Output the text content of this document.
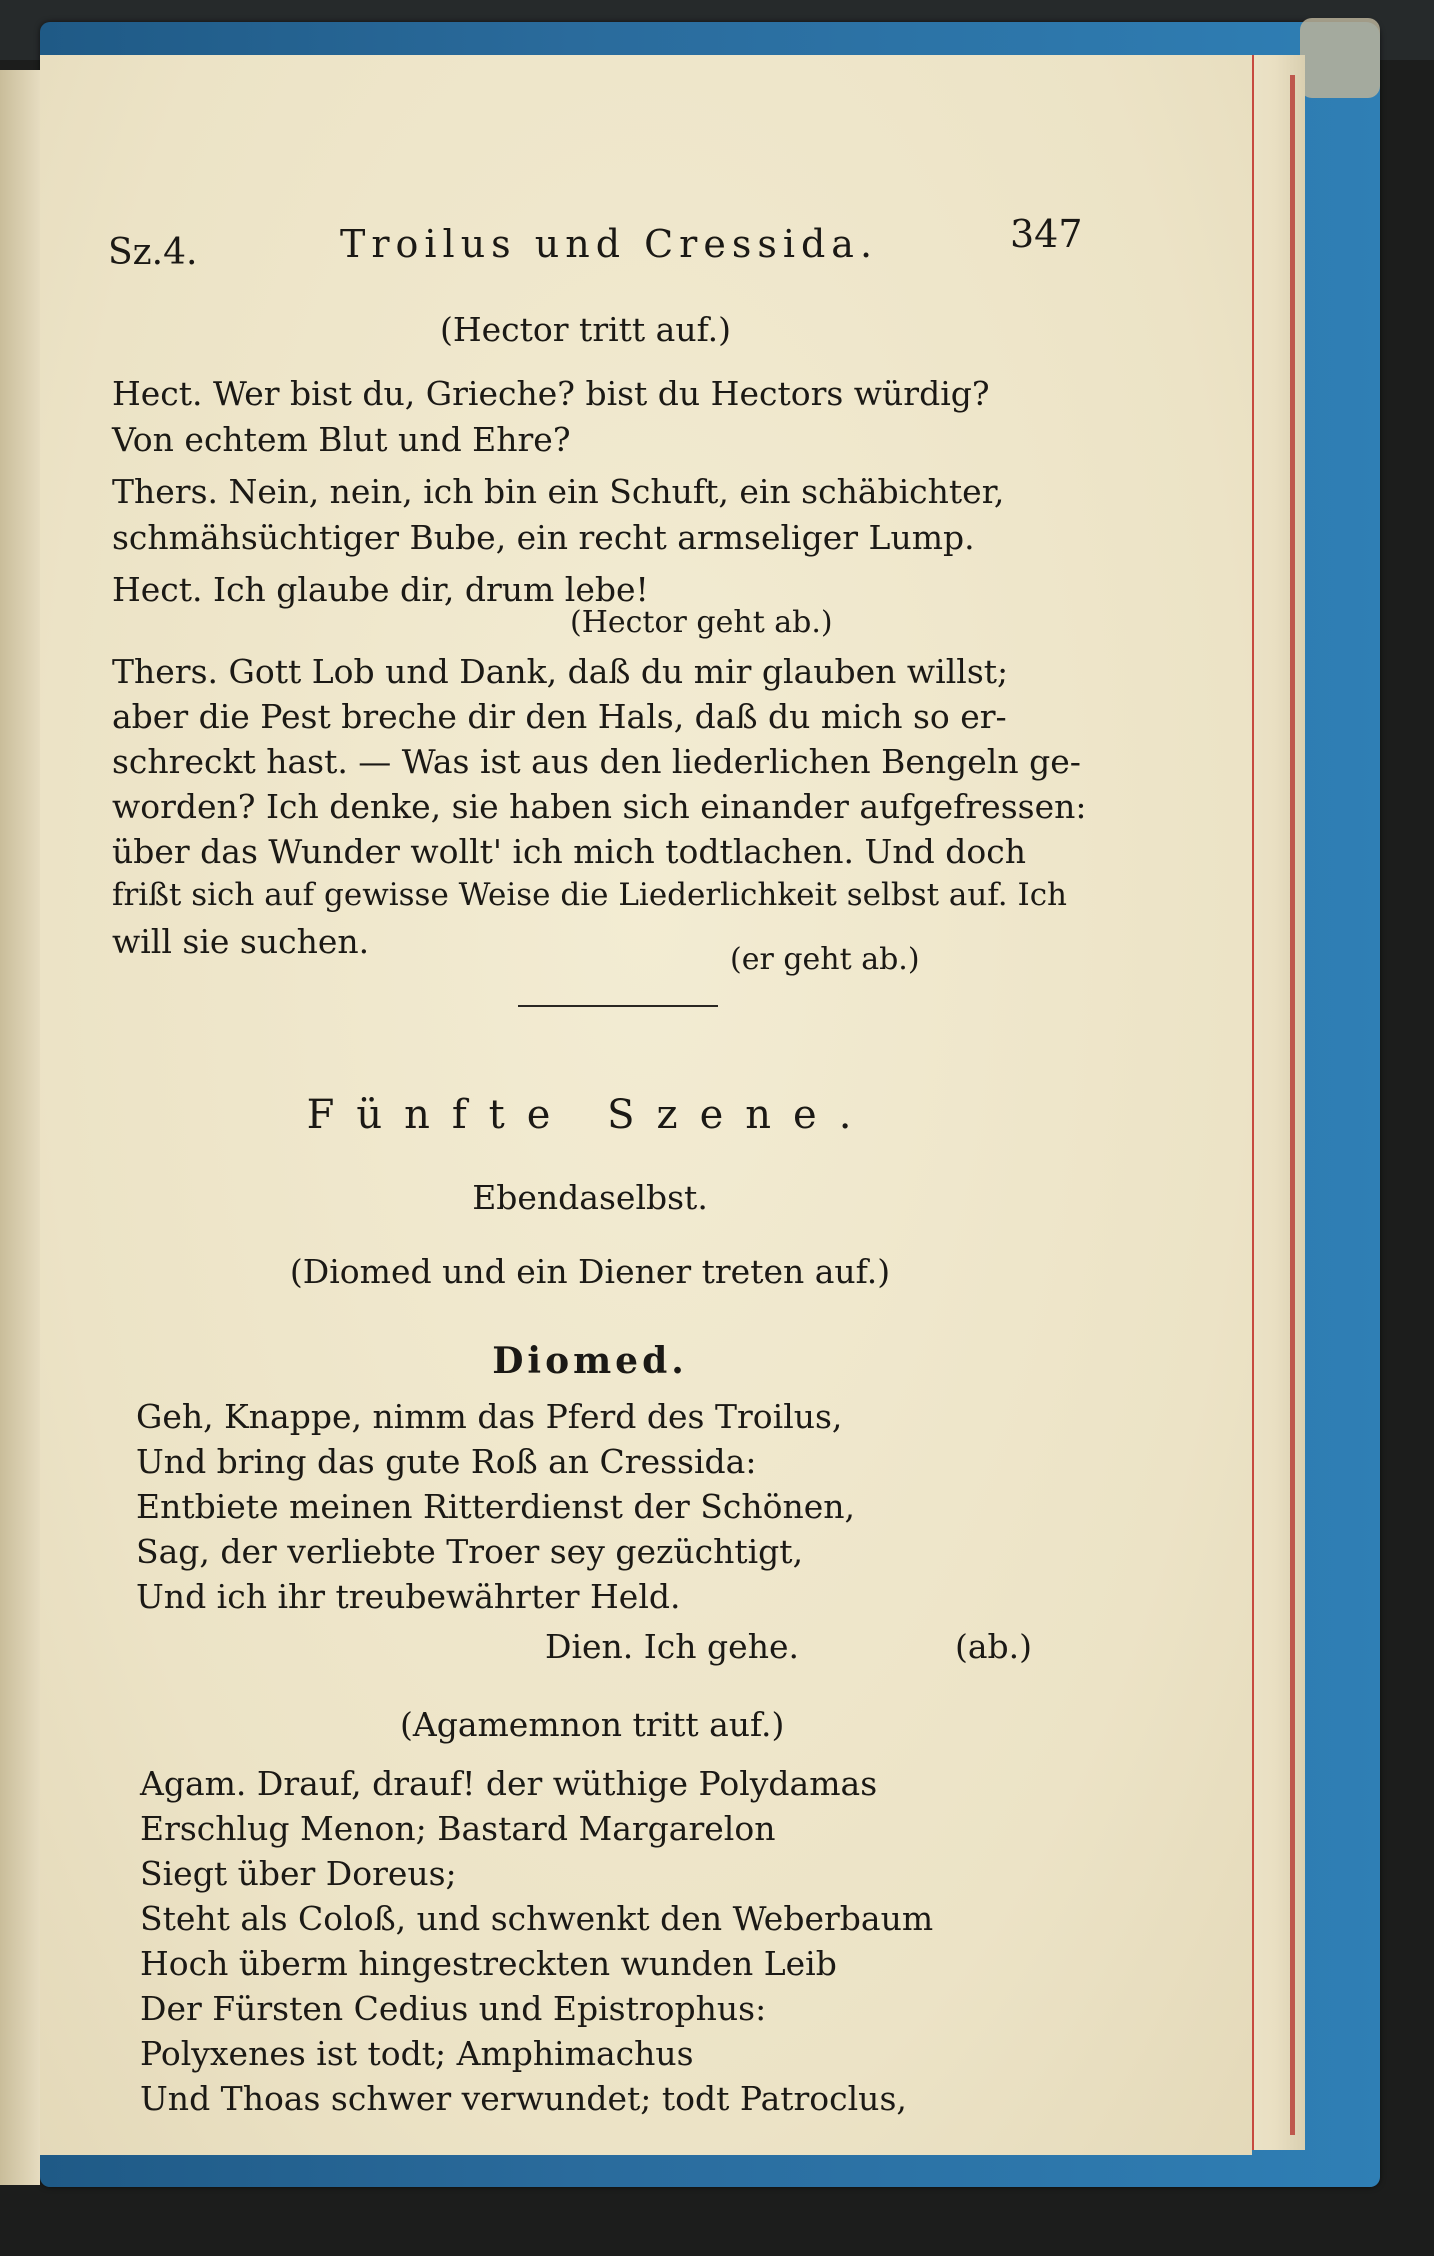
Sz.4.	Troilus und Cressida.	347
(Hector tritt auf.)
Hect. Wer bist du, Grieche? bist du Hectors würdig?
Von echtem Blut und Ehre?
Thers. Nein, nein, ich bin ein Schuft, ein schäbichter,
schmähsüchtiger Bube, ein recht armseliger Lump.
Hect. Ich glaube dir, drum lebe!
(Hector geht ab.)
Thers. Gott Lob und Dank, daß du mir glauben willst;
aber die Pest breche dir den Hals, daß du mich so er-
schreckt hast. — Was ist aus den liederlichen Bengeln ge-
worden? Ich denke, sie haben sich einander aufgefressen:
über das Wunder wollt' ich mich todtlachen. Und doch
frißt sich auf gewisse Weise die Liederlichkeit selbst auf. Ich
will sie suchen.	(er geht ab.)
Fünfte Szene.
Ebendaselbst.
(Diomed und ein Diener treten auf.)
Diomed.
Geh, Knappe, nimm das Pferd des Troilus,
Und bring das gute Roß an Cressida:
Entbiete meinen Ritterdienst der Schönen,
Sag, der verliebte Troer sey gezüchtigt,
Und ich ihr treubewährter Held.
Dien. Ich gehe.	(ab.)
(Agamemnon tritt auf.)
Agam. Drauf, drauf! der wüthige Polydamas
Erschlug Menon; Bastard Margarelon
Siegt über Doreus;
Steht als Coloß, und schwenkt den Weberbaum
Hoch überm hingestreckten wunden Leib
Der Fürsten Cedius und Epistrophus:
Polyxenes ist todt; Amphimachus
Und Thoas schwer verwundet; todt Patroclus,
